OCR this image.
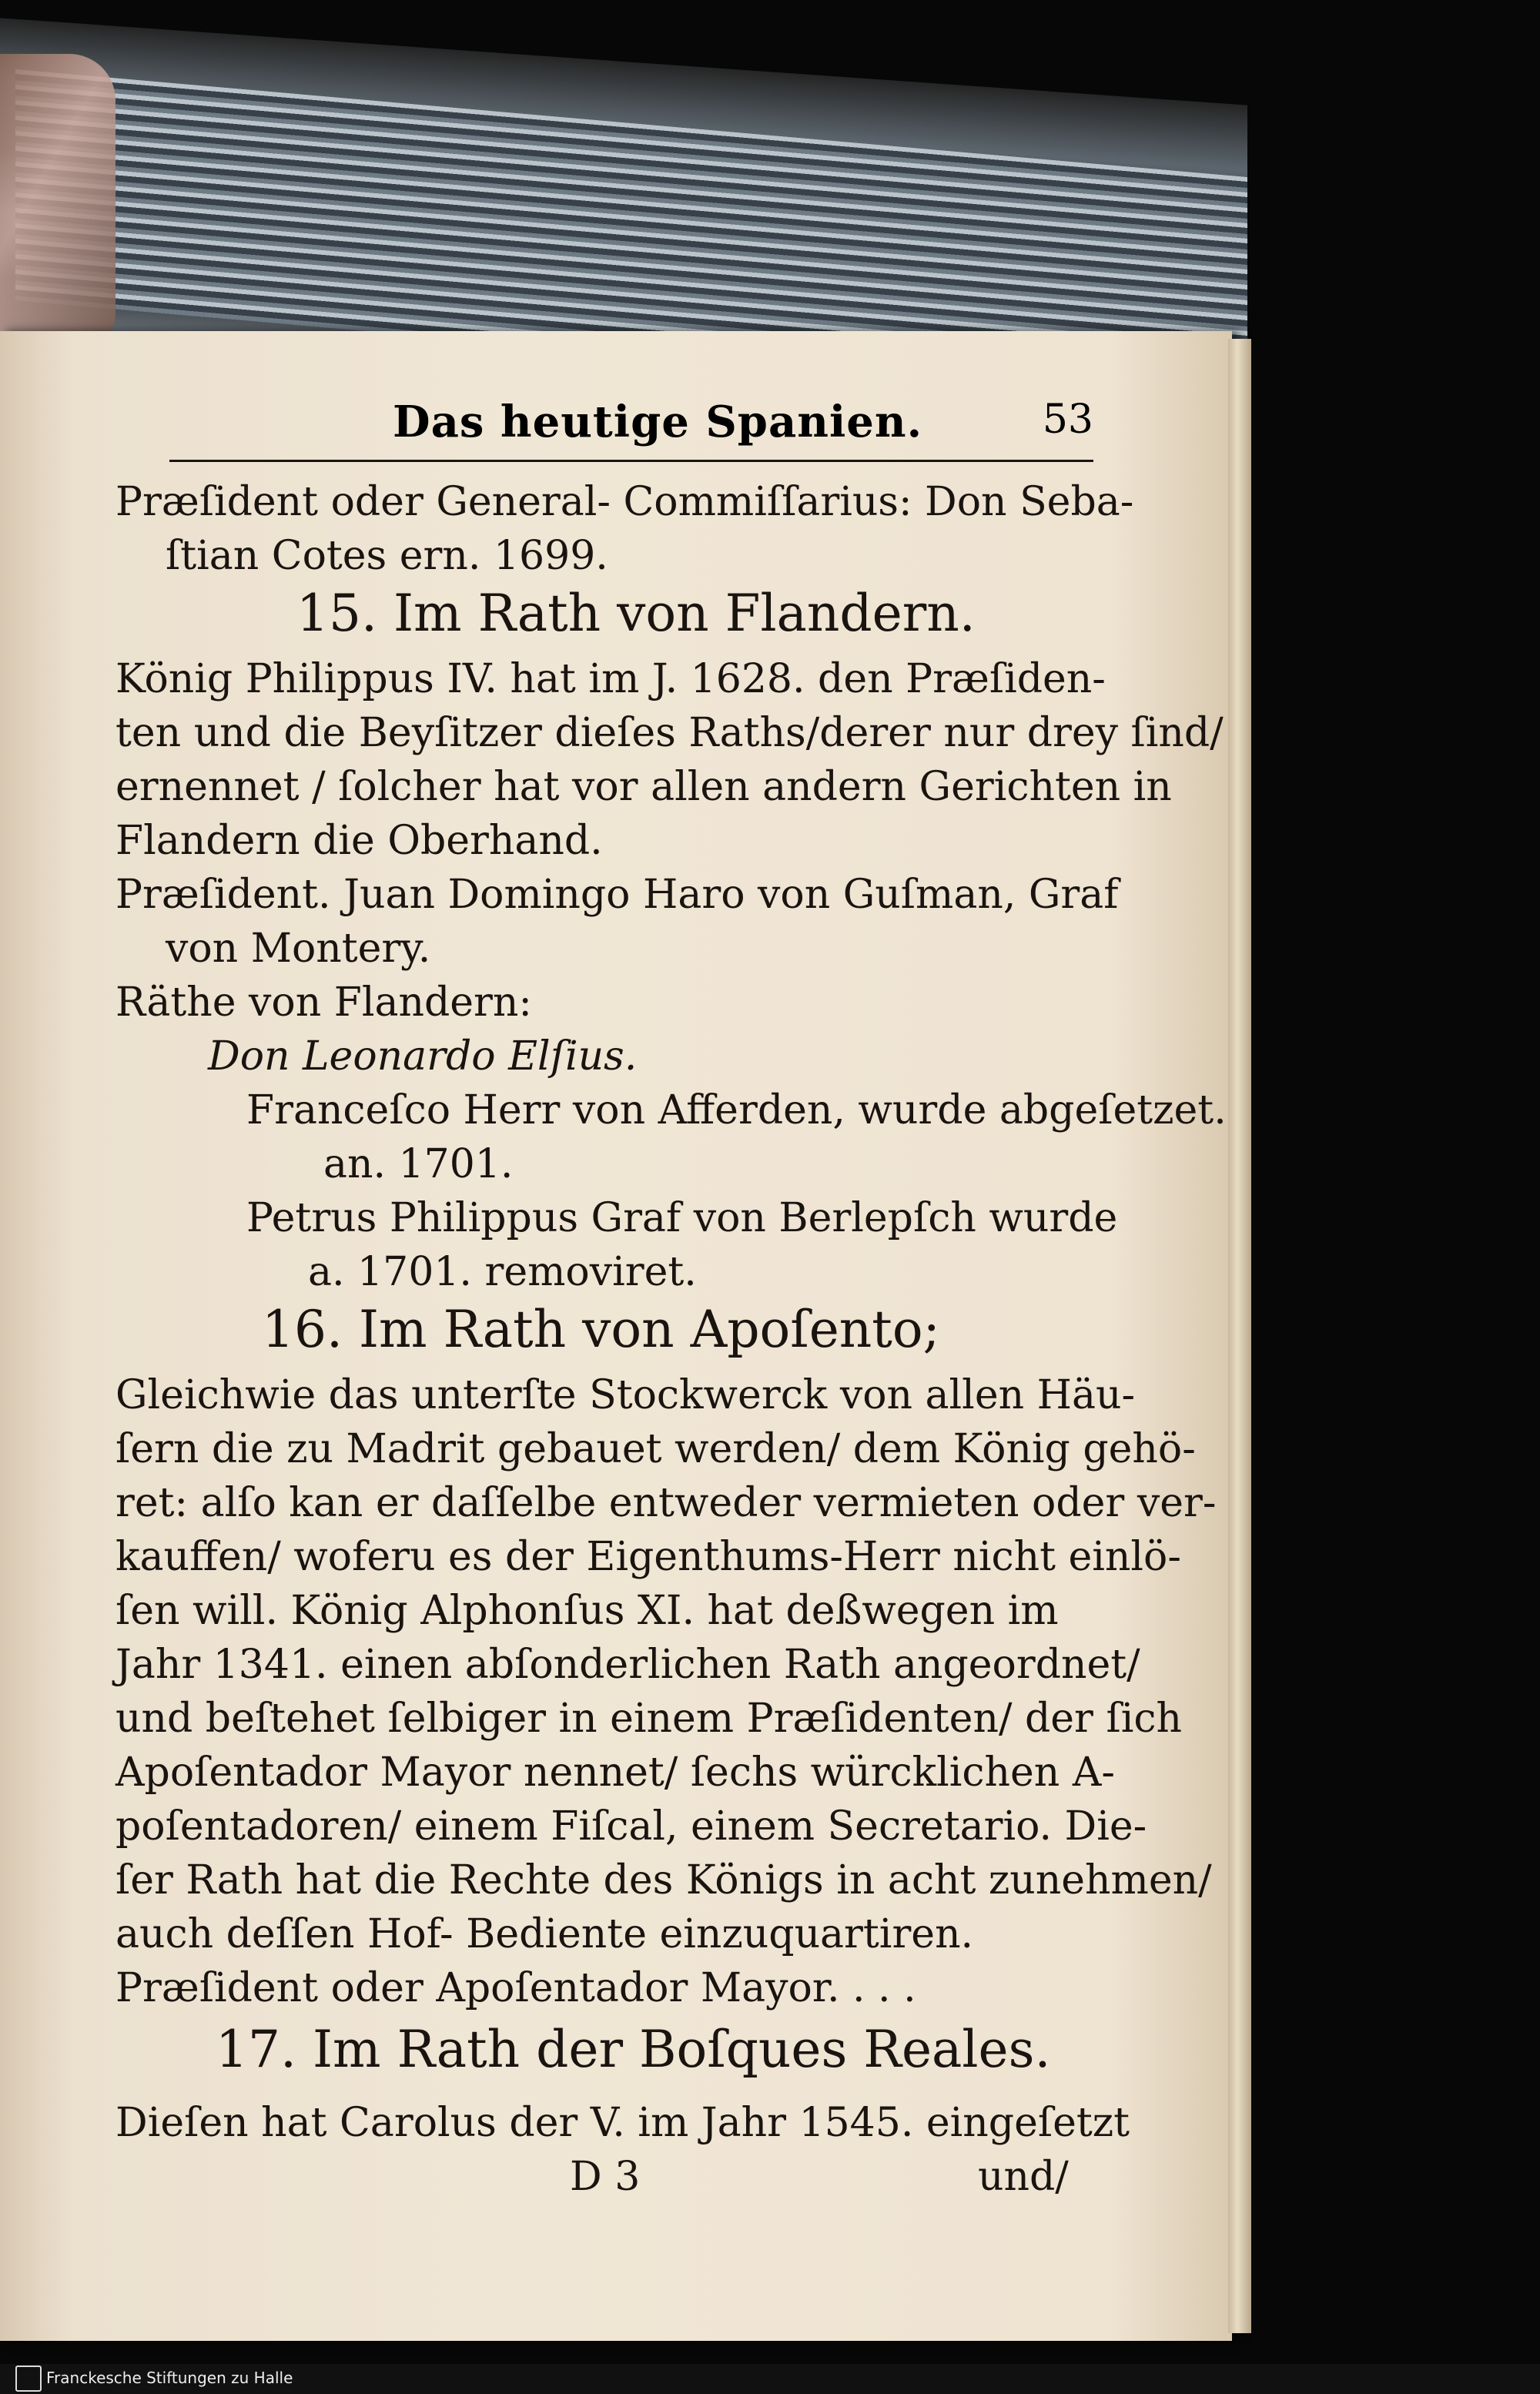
Das heutige Spanien.	53
Præſident oder General- Commiſſarius: Don Seba-
ſtian Cotes ern. 1699.
15. Im Rath von Flandern.
König Philippus IV. hat im J. 1628. den Præſiden-
ten und die Beyſitzer dieſes Raths/derer nur drey ſind/
ernennet / ſolcher hat vor allen andern Gerichten in
Flandern die Oberhand.
Præſident. Juan Domingo Haro von Guſman, Graf
von Montery.
Räthe von Flandern:
Don Leonardo Elſius.
Franceſco Herr von Afferden, wurde abgeſetzet.
an. 1701.
Petrus Philippus Graf von Berlepſch wurde
a. 1701. removiret.
16. Im Rath von Apoſento;
Gleichwie das unterſte Stockwerck von allen Häu-
ſern die zu Madrit gebauet werden/ dem König gehö-
ret: alſo kan er daſſelbe entweder vermieten oder ver-
kauffen/ woferu es der Eigenthums-Herr nicht einlö-
ſen will. König Alphonſus XI. hat deßwegen im
Jahr 1341. einen abſonderlichen Rath angeordnet/
und beſtehet ſelbiger in einem Præſidenten/ der ſich
Apoſentador Mayor nennet/ ſechs würcklichen A-
poſentadoren/ einem Fiſcal, einem Secretario. Die-
ſer Rath hat die Rechte des Königs in acht zunehmen/
auch deſſen Hof- Bediente einzuquartiren.
Præſident oder Apoſentador Mayor. . . .
17. Im Rath der Boſques Reales.
Dieſen hat Carolus der V. im Jahr 1545. eingeſetzt
D 3	und/
Franckesche Stiftungen zu Halle
